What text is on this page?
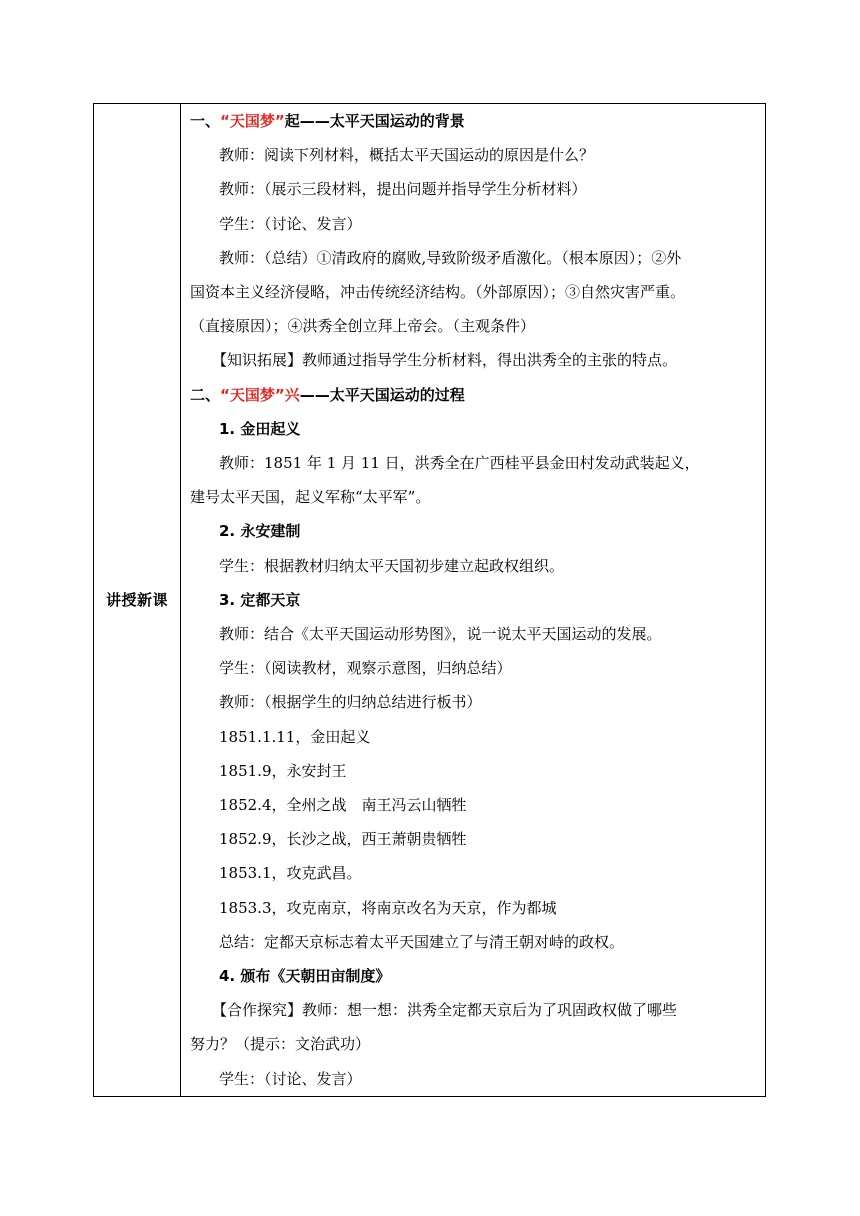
讲授新课	
一、“天国梦”起——太平天国运动的背景
教师：阅读下列材料，概括太平天国运动的原因是什么？
教师：（展示三段材料，提出问题并指导学生分析材料）
学生：（讨论、发言）
教师：（总结）①清政府的腐败,导致阶级矛盾激化。（根本原因）；②外
国资本主义经济侵略，冲击传统经济结构。（外部原因）；③自然灾害严重。
（直接原因）；④洪秀全创立拜上帝会。（主观条件）
【知识拓展】教师通过指导学生分析材料，得出洪秀全的主张的特点。
二、“天国梦”兴——太平天国运动的过程
1. 金田起义
教师：1851 年 1 月 11 日，洪秀全在广西桂平县金田村发动武装起义，
建号太平天国，起义军称“太平军”。
2. 永安建制
学生：根据教材归纳太平天国初步建立起政权组织。
3. 定都天京
教师：结合《太平天国运动形势图》，说一说太平天国运动的发展。
学生：（阅读教材，观察示意图，归纳总结）
教师：（根据学生的归纳总结进行板书）
1851.1.11，金田起义
1851.9，永安封王
1852.4，全州之战　南王冯云山牺牲
1852.9，长沙之战，西王萧朝贵牺牲
1853.1，攻克武昌。
1853.3，攻克南京，将南京改名为天京，作为都城
总结：定都天京标志着太平天国建立了与清王朝对峙的政权。
4. 颁布《天朝田亩制度》
【合作探究】教师：想一想：洪秀全定都天京后为了巩固政权做了哪些
努力？（提示：文治武功）
学生：（讨论、发言）
